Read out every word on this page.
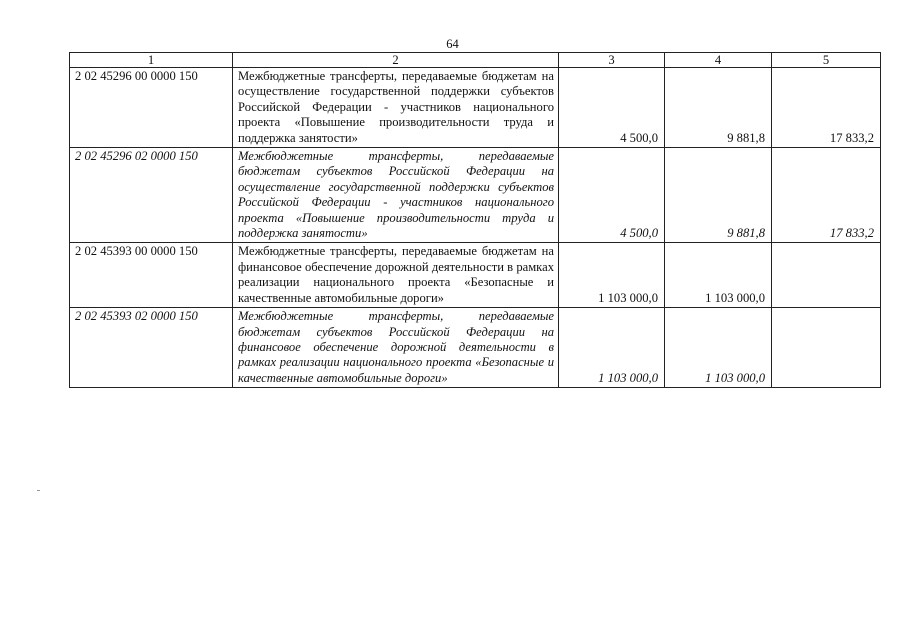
64
1	2	3	4	5
2 02 45296 00 0000 150	Межбюджетные трансферты, передаваемые бюджетам на осуществление государственной поддержки субъектов Российской Федерации - участников национального проекта «Повышение производительности труда и поддержка занятости»	4 500,0	9 881,8	17 833,2
2 02 45296 02 0000 150	Межбюджетные трансферты, передаваемые бюджетам субъектов Российской Федерации на осуществление государственной поддержки субъектов Российской Федерации - участников национального проекта «Повышение производительности труда и поддержка занятости»	4 500,0	9 881,8	17 833,2
2 02 45393 00 0000 150	Межбюджетные трансферты, передаваемые бюджетам на финансовое обеспечение дорожной деятельности в рамках реализации национального проекта «Безопасные и качественные автомобильные дороги»	1 103 000,0	1 103 000,0	
2 02 45393 02 0000 150	Межбюджетные трансферты, передаваемые бюджетам субъектов Российской Федерации на финансовое обеспечение дорожной деятельности в рамках реализации национального проекта «Безопасные и качественные автомобильные дороги»	1 103 000,0	1 103 000,0	
